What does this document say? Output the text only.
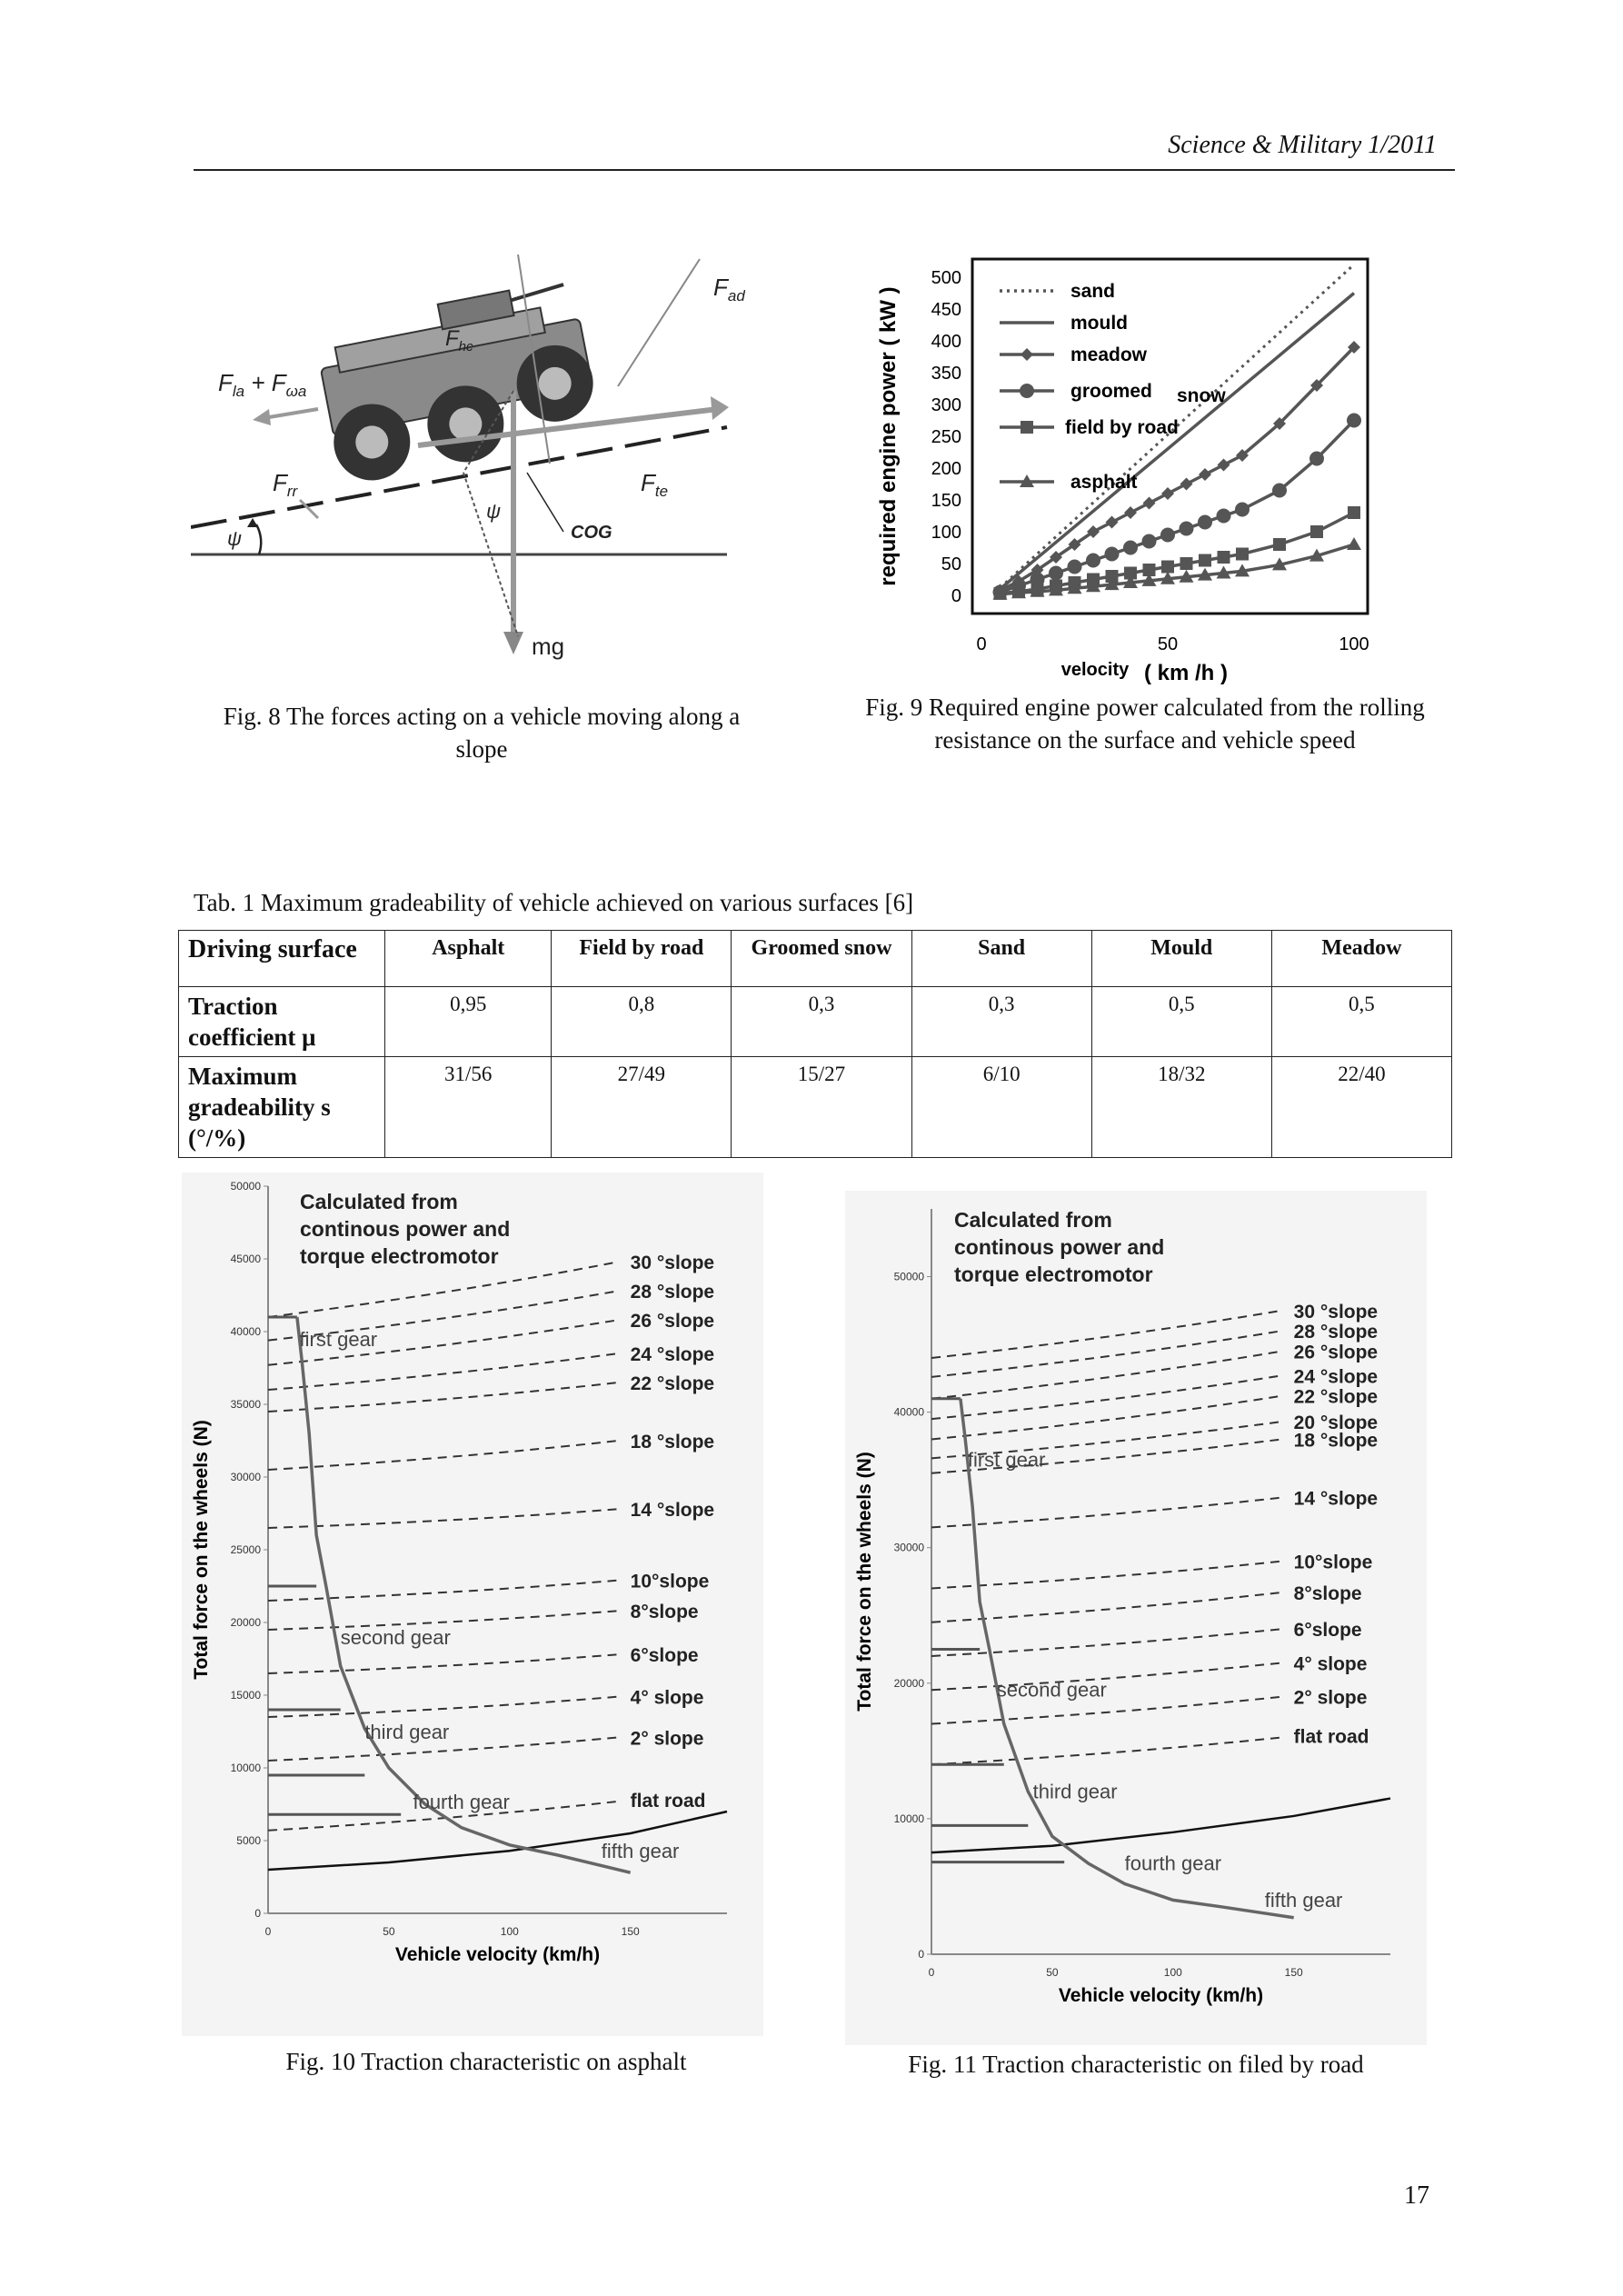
Science & Military 1/2011
$F_{ad}$
$F_{la} + F_{\omega a}$
$F_{hc}$
$F_{rr}$	$F_{te}$
ψ
ψ
COG
mg
Fig. 8 The forces acting on a vehicle moving along a slope
0
50
100
150
200
250
300
350
400
450
500
0	50	100
sand
mould
meadow
groomed snow
field by road
asphalt
required engine power ( kW )
velocity ( km /h )
Fig. 9 Required engine power calculated from the rolling resistance on the surface and vehicle speed
Tab. 1 Maximum gradeability of vehicle achieved on various surfaces [6]
Driving surface	Asphalt	Field by road	Groomed snow	Sand	Mould	Meadow
Traction coefficient μ	0,95	0,8	0,3	0,3	0,5	0,5
Maximum gradeability s (°/%)	31/56	27/49	15/27	6/10	18/32	22/40
0
5000
10000
15000
20000
25000
30000
35000
40000
45000
50000
0	50	100	150
Vehicle velocity (km/h)
Total force on the wheels (N)
Calculated from
continous power and
torque electromotor	30 °slope
28 °slope
26 °slope
24 °slope
22 °slope
18 °slope
14 °slope
10°slope
8°slope
6°slope
4° slope
2° slope
flat road
first gear
second gear
third gear
fourth gear
fifth gear
Fig. 10 Traction characteristic on asphalt
0
10000
20000
30000
40000
50000
0	50	100	150
Vehicle velocity (km/h)
Total force on the wheels (N)
Calculated from
continous power and
torque electromotor
30 °slope
28 °slope
26 °slope
24 °slope
22 °slope
20 °slope
18 °slope
14 °slope
10°slope
8°slope
6°slope
4° slope
2° slope
flat road
first gear
second gear
third gear
fourth gear
fifth gear
Fig. 11 Traction characteristic on filed by road
17
